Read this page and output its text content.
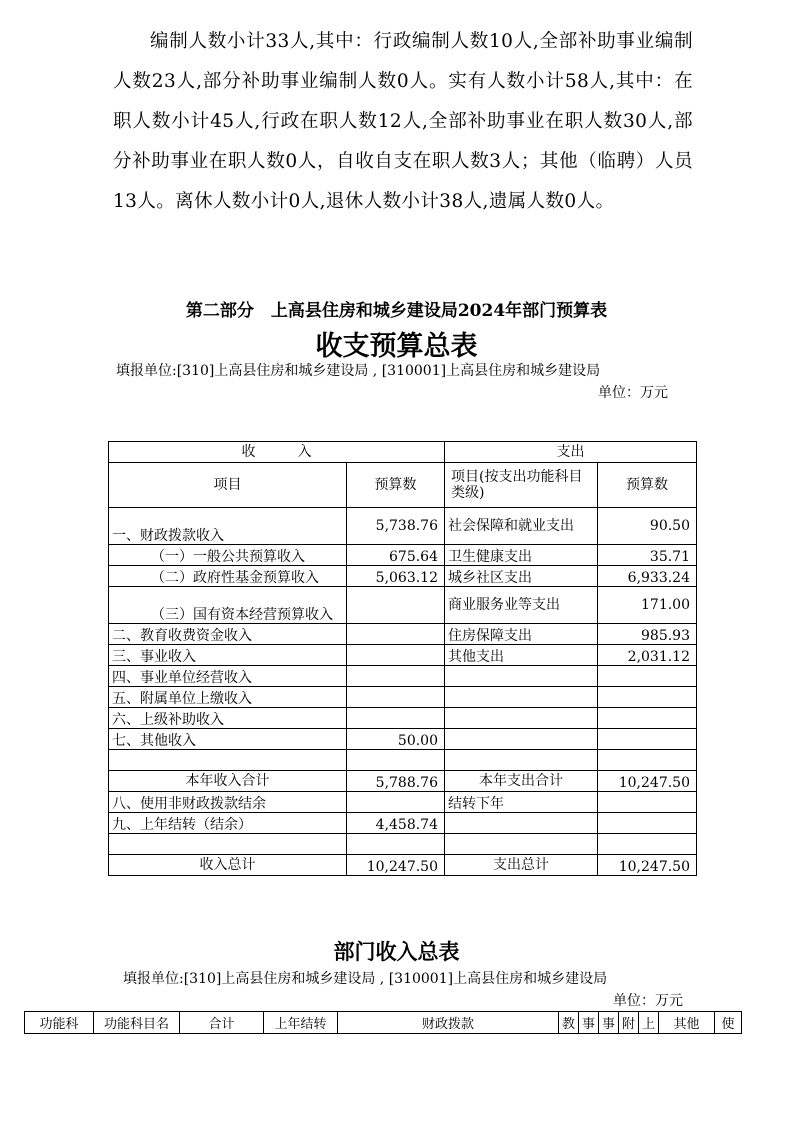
编制人数小计33人,其中：行政编制人数10人,全部补助事业编制人数23人,部分补助事业编制人数0人。实有人数小计58人,其中：在职人数小计45人,行政在职人数12人,全部补助事业在职人数30人,部分补助事业在职人数0人，自收自支在职人数3人；其他（临聘）人员13人。离休人数小计0人,退休人数小计38人,遗属人数0人。

第二部分　上高县住房和城乡建设局2024年部门预算表
收支预算总表
填报单位:[310]上高县住房和城乡建设局 , [310001]上高县住房和城乡建设局
单位：万元
收　　　入		支出	
项目	预算数	项目(按支出功能科目类级)	预算数
一、财政拨款收入	5,738.76	社会保障和就业支出	90.50
（一）一般公共预算收入	675.64	卫生健康支出	35.71
（二）政府性基金预算收入	5,063.12	城乡社区支出	6,933.24
（三）国有资本经营预算收入		商业服务业等支出	171.00
二、教育收费资金收入		住房保障支出	985.93
三、事业收入		其他支出	2,031.12
四、事业单位经营收入			
五、附属单位上缴收入			
六、上级补助收入			
七、其他收入	50.00		

本年收入合计	5,788.76	本年支出合计	10,247.50
八、使用非财政拨款结余		结转下年	
九、上年结转（结余）	4,458.74		

收入总计	10,247.50	支出总计	10,247.50
部门收入总表
填报单位:[310]上高县住房和城乡建设局 , [310001]上高县住房和城乡建设局
单位：万元
功能科	功能科目名	合计	上年结转	财政拨款	教	事	事	附	上	其他	使
